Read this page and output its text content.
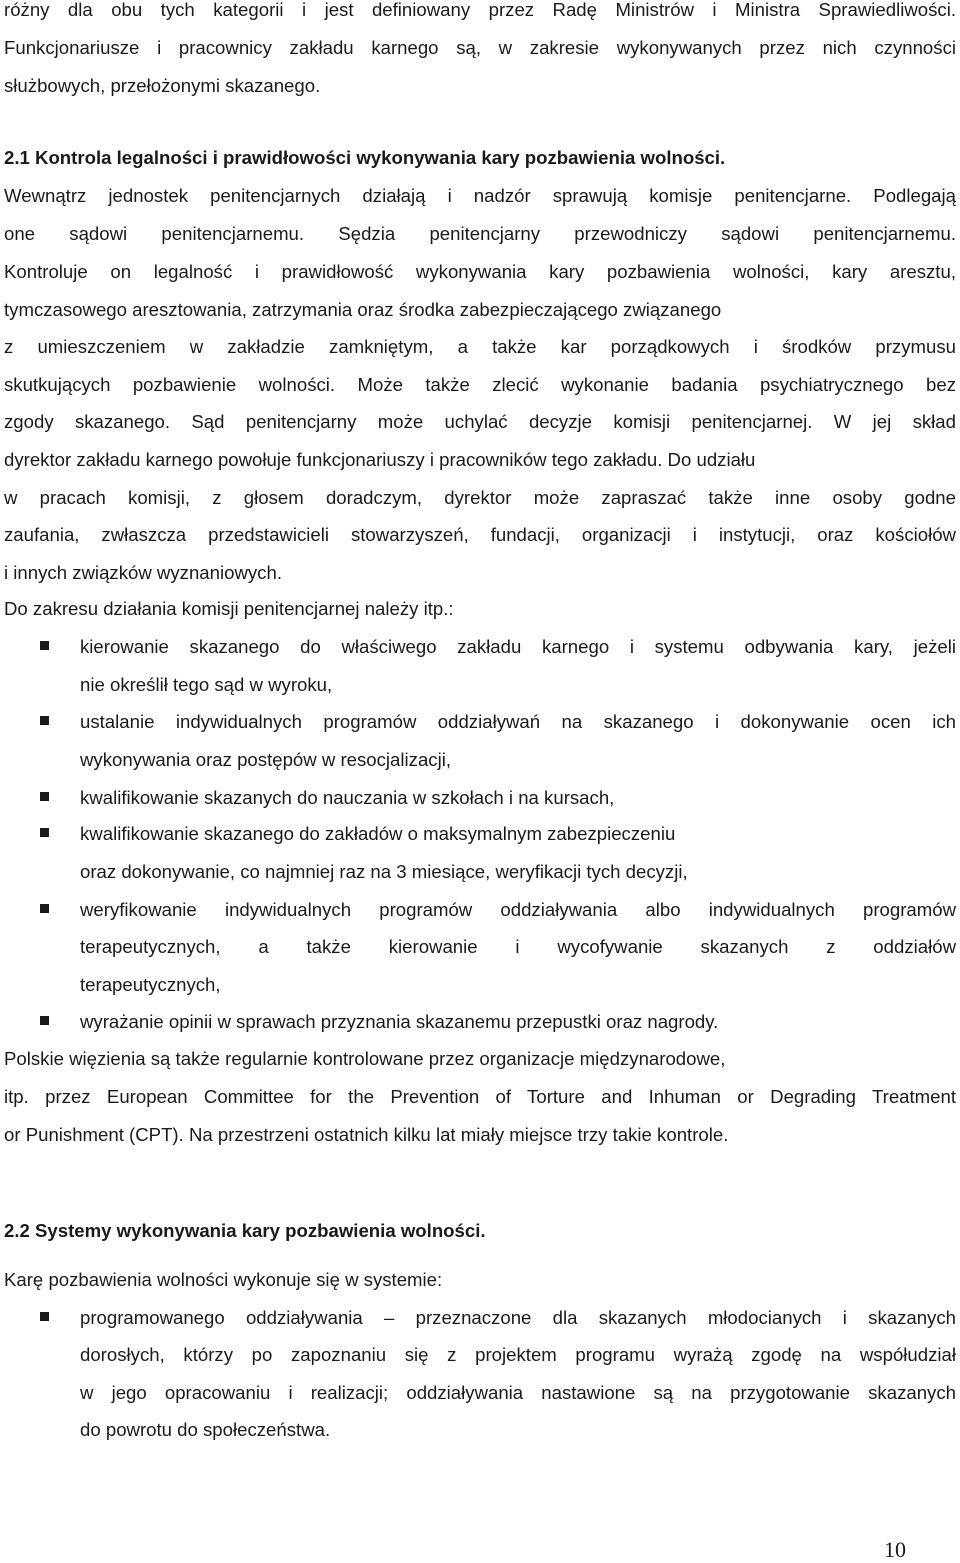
różny dla obu tych kategorii i jest definiowany przez Radę Ministrów i Ministra Sprawiedliwości.
Funkcjonariusze i pracownicy zakładu karnego są, w zakresie wykonywanych przez nich czynności
służbowych, przełożonymi skazanego.
2.1 Kontrola legalności i prawidłowości wykonywania kary pozbawienia wolności.
Wewnątrz jednostek penitencjarnych działają i nadzór sprawują komisje penitencjarne. Podlegają
one sądowi penitencjarnemu. Sędzia penitencjarny przewodniczy sądowi penitencjarnemu.
Kontroluje on legalność i prawidłowość wykonywania kary pozbawienia wolności, kary aresztu,
tymczasowego aresztowania, zatrzymania oraz środka zabezpieczającego związanego
z umieszczeniem w zakładzie zamkniętym, a także kar porządkowych i środków przymusu
skutkujących pozbawienie wolności. Może także zlecić wykonanie badania psychiatrycznego bez
zgody skazanego. Sąd penitencjarny może uchylać decyzje komisji penitencjarnej. W jej skład
dyrektor zakładu karnego powołuje funkcjonariuszy i pracowników tego zakładu. Do udziału
w pracach komisji, z głosem doradczym, dyrektor może zapraszać także inne osoby godne
zaufania, zwłaszcza przedstawicieli stowarzyszeń, fundacji, organizacji i instytucji, oraz kościołów
i innych związków wyznaniowych.
Do zakresu działania komisji penitencjarnej należy itp.:
kierowanie skazanego do właściwego zakładu karnego i systemu odbywania kary, jeżeli
nie określił tego sąd w wyroku,
ustalanie indywidualnych programów oddziaływań na skazanego i dokonywanie ocen ich
wykonywania oraz postępów w resocjalizacji,
kwalifikowanie skazanych do nauczania w szkołach i na kursach,
kwalifikowanie skazanego do zakładów o maksymalnym zabezpieczeniu
oraz dokonywanie, co najmniej raz na 3 miesiące, weryfikacji tych decyzji,
weryfikowanie indywidualnych programów oddziaływania albo indywidualnych programów
terapeutycznych, a także kierowanie i wycofywanie skazanych z oddziałów
terapeutycznych,
wyrażanie opinii w sprawach przyznania skazanemu przepustki oraz nagrody.
Polskie więzienia są także regularnie kontrolowane przez organizacje międzynarodowe,
itp. przez European Committee for the Prevention of Torture and Inhuman or Degrading Treatment
or Punishment (CPT). Na przestrzeni ostatnich kilku lat miały miejsce trzy takie kontrole.
2.2 Systemy wykonywania kary pozbawienia wolności.
Karę pozbawienia wolności wykonuje się w systemie:
programowanego oddziaływania – przeznaczone dla skazanych młodocianych i skazanych
dorosłych, którzy po zapoznaniu się z projektem programu wyrażą zgodę na współudział
w jego opracowaniu i realizacji; oddziaływania nastawione są na przygotowanie skazanych
do powrotu do społeczeństwa.
10
